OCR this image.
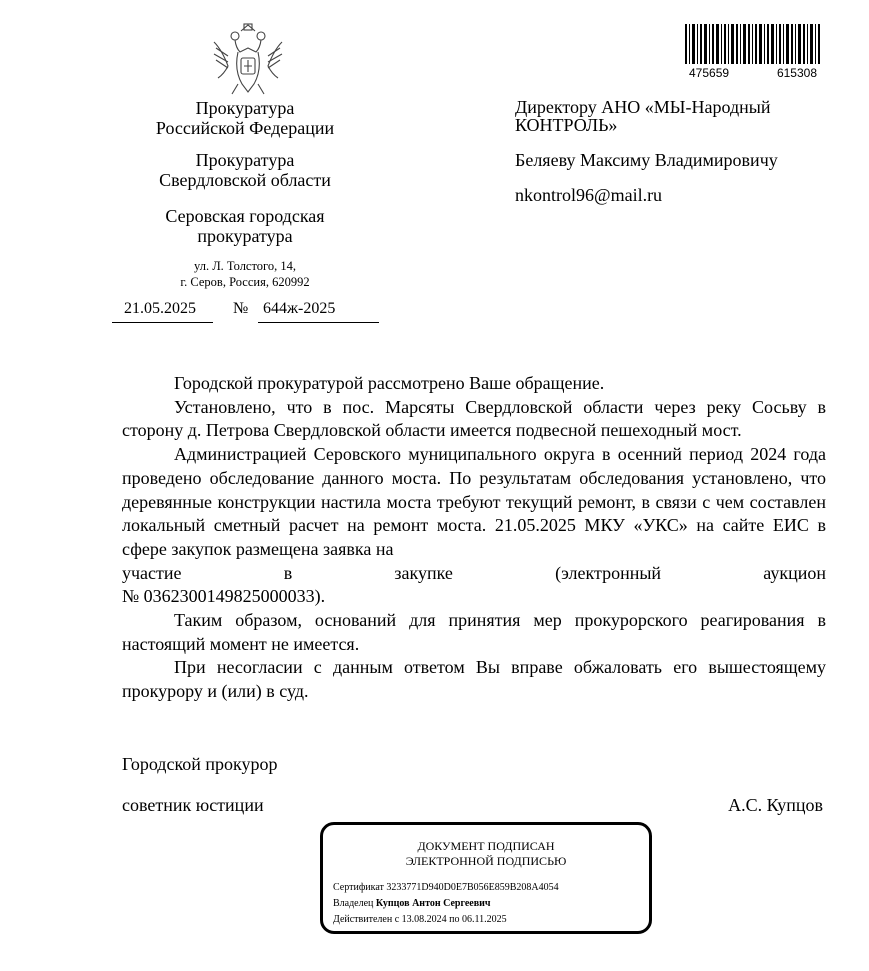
475659	615308
Прокуратура
Российской Федерации
Прокуратура
Свердловской области
Серовская городская
прокуратура
ул. Л. Толстого, 14,
г. Серов, Россия, 620992
21.05.2025 № 644ж-2025
Директору АНО «МЫ-Народный
КОНТРОЛЬ»
Беляеву Максиму Владимировичу
nkontrol96@mail.ru

Городской прокуратурой рассмотрено Ваше обращение.

Установлено, что в пос. Марсяты Свердловской области через реку Сосьву в сторону д. Петрова Свердловской области имеется подвесной пешеходный мост.

Администрацией Серовского муниципального округа в осенний период 2024 года проведено обследование данного моста. По результатам обследования установлено, что деревянные конструкции настила моста требуют текущий ремонт, в связи с чем составлен локальный сметный расчет на ремонт моста. 21.05.2025 МКУ «УКС» на сайте ЕИС в сфере закупок размещена заявка на

участие	в	закупке	(электронный	аукцион

№ 0362300149825000033).

Таким образом, оснований для принятия мер прокурорского реагирования в настоящий момент не имеется.

При несогласии с данным ответом Вы вправе обжаловать его вышестоящему прокурору и (или) в суд.

Городской прокурор
советник юстиции	А.С. Купцов
ДОКУМЕНТ ПОДПИСАН
ЭЛЕКТРОННОЙ ПОДПИСЬЮ
Сертификат 3233771D940D0E7B056E859B208A4054
Владелец Купцов Антон Сергеевич
Действителен с 13.08.2024 по 06.11.2025
